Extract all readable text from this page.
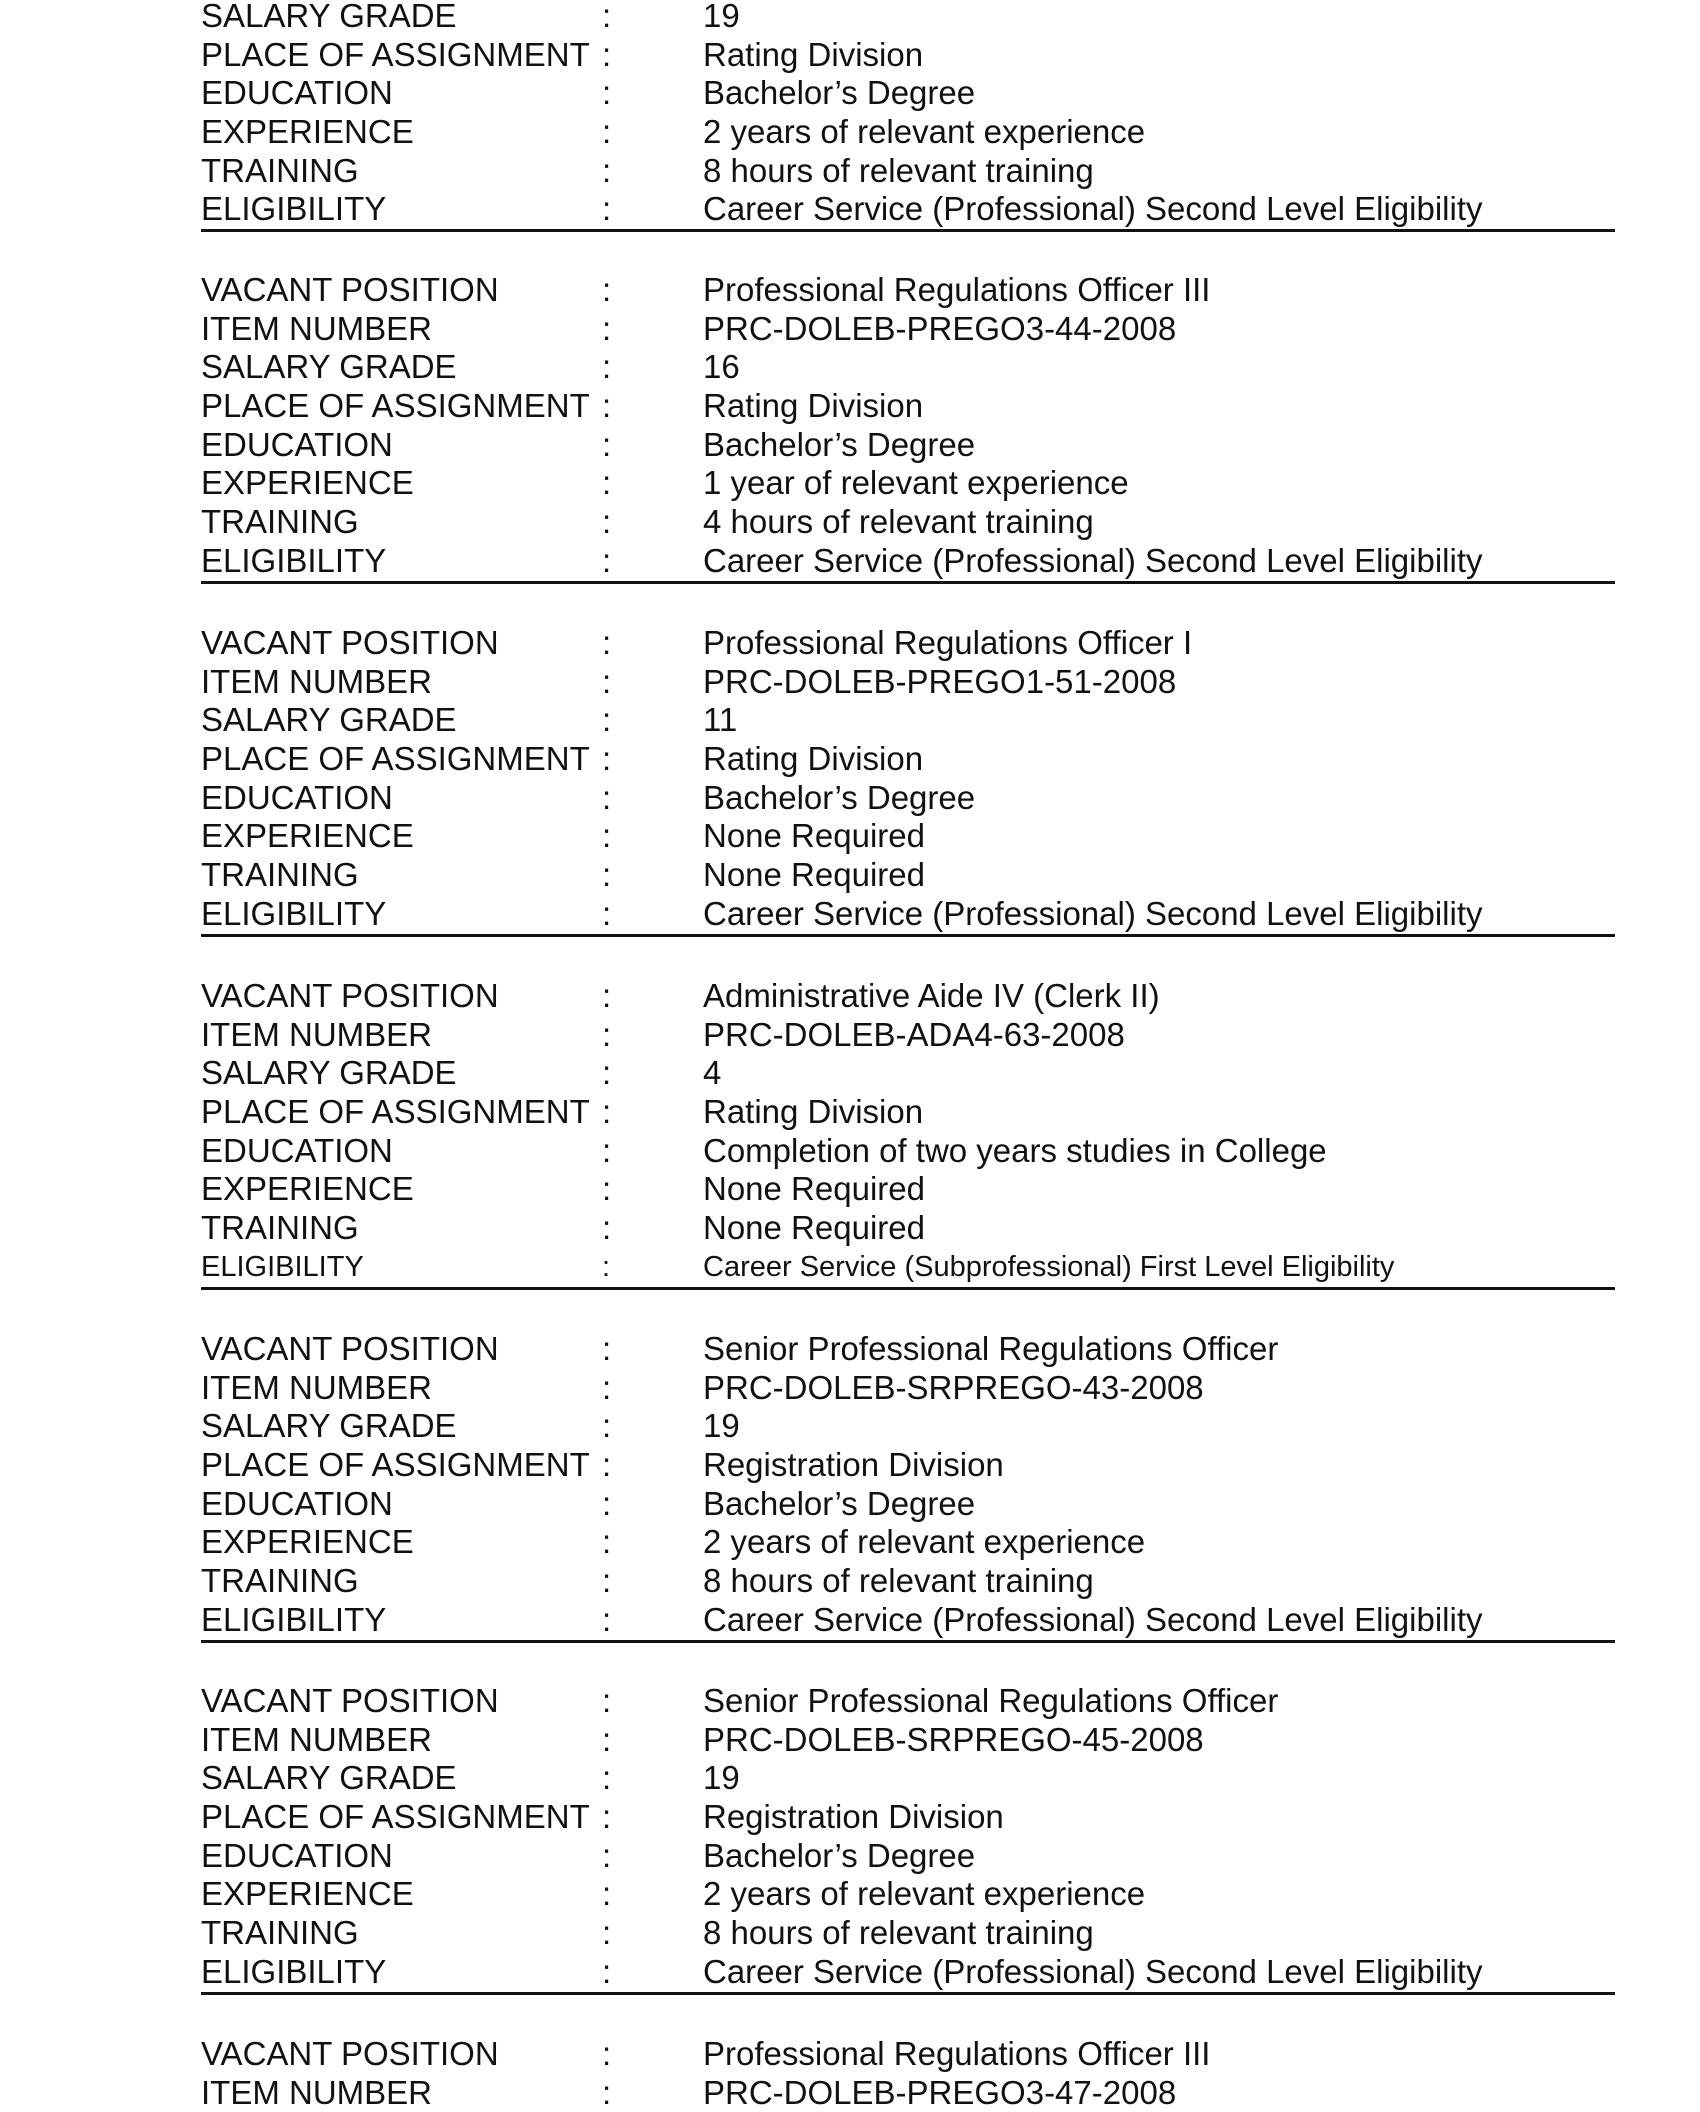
SALARY GRADE	:	19
PLACE OF ASSIGNMENT :	Rating Division
EDUCATION	:	Bachelor’s Degree
EXPERIENCE	:	2 years of relevant experience
TRAINING	:	8 hours of relevant training
ELIGIBILITY	:	Career Service (Professional) Second Level Eligibility
VACANT POSITION	:	Professional Regulations Officer III
ITEM NUMBER	:	PRC-DOLEB-PREGO3-44-2008
SALARY GRADE	:	16
PLACE OF ASSIGNMENT :	Rating Division
EDUCATION	:	Bachelor’s Degree
EXPERIENCE	:	1 year of relevant experience
TRAINING	:	4 hours of relevant training
ELIGIBILITY	:	Career Service (Professional) Second Level Eligibility
VACANT POSITION	:	Professional Regulations Officer I
ITEM NUMBER	:	PRC-DOLEB-PREGO1-51-2008
SALARY GRADE	:	11
PLACE OF ASSIGNMENT :	Rating Division
EDUCATION	:	Bachelor’s Degree
EXPERIENCE	:	None Required
TRAINING	:	None Required
ELIGIBILITY	:	Career Service (Professional) Second Level Eligibility
VACANT POSITION	:	Administrative Aide IV (Clerk II)
ITEM NUMBER	:	PRC-DOLEB-ADA4-63-2008
SALARY GRADE	:	4
PLACE OF ASSIGNMENT :	Rating Division
EDUCATION	:	Completion of two years studies in College
EXPERIENCE	:	None Required
TRAINING	:	None Required
ELIGIBILITY	:	Career Service (Subprofessional) First Level Eligibility
VACANT POSITION	:	Senior Professional Regulations Officer
ITEM NUMBER	:	PRC-DOLEB-SRPREGO-43-2008
SALARY GRADE	:	19
PLACE OF ASSIGNMENT :	Registration Division
EDUCATION	:	Bachelor’s Degree
EXPERIENCE	:	2 years of relevant experience
TRAINING	:	8 hours of relevant training
ELIGIBILITY	:	Career Service (Professional) Second Level Eligibility
VACANT POSITION	:	Senior Professional Regulations Officer
ITEM NUMBER	:	PRC-DOLEB-SRPREGO-45-2008
SALARY GRADE	:	19
PLACE OF ASSIGNMENT :	Registration Division
EDUCATION	:	Bachelor’s Degree
EXPERIENCE	:	2 years of relevant experience
TRAINING	:	8 hours of relevant training
ELIGIBILITY	:	Career Service (Professional) Second Level Eligibility
VACANT POSITION	:	Professional Regulations Officer III
ITEM NUMBER	:	PRC-DOLEB-PREGO3-47-2008
